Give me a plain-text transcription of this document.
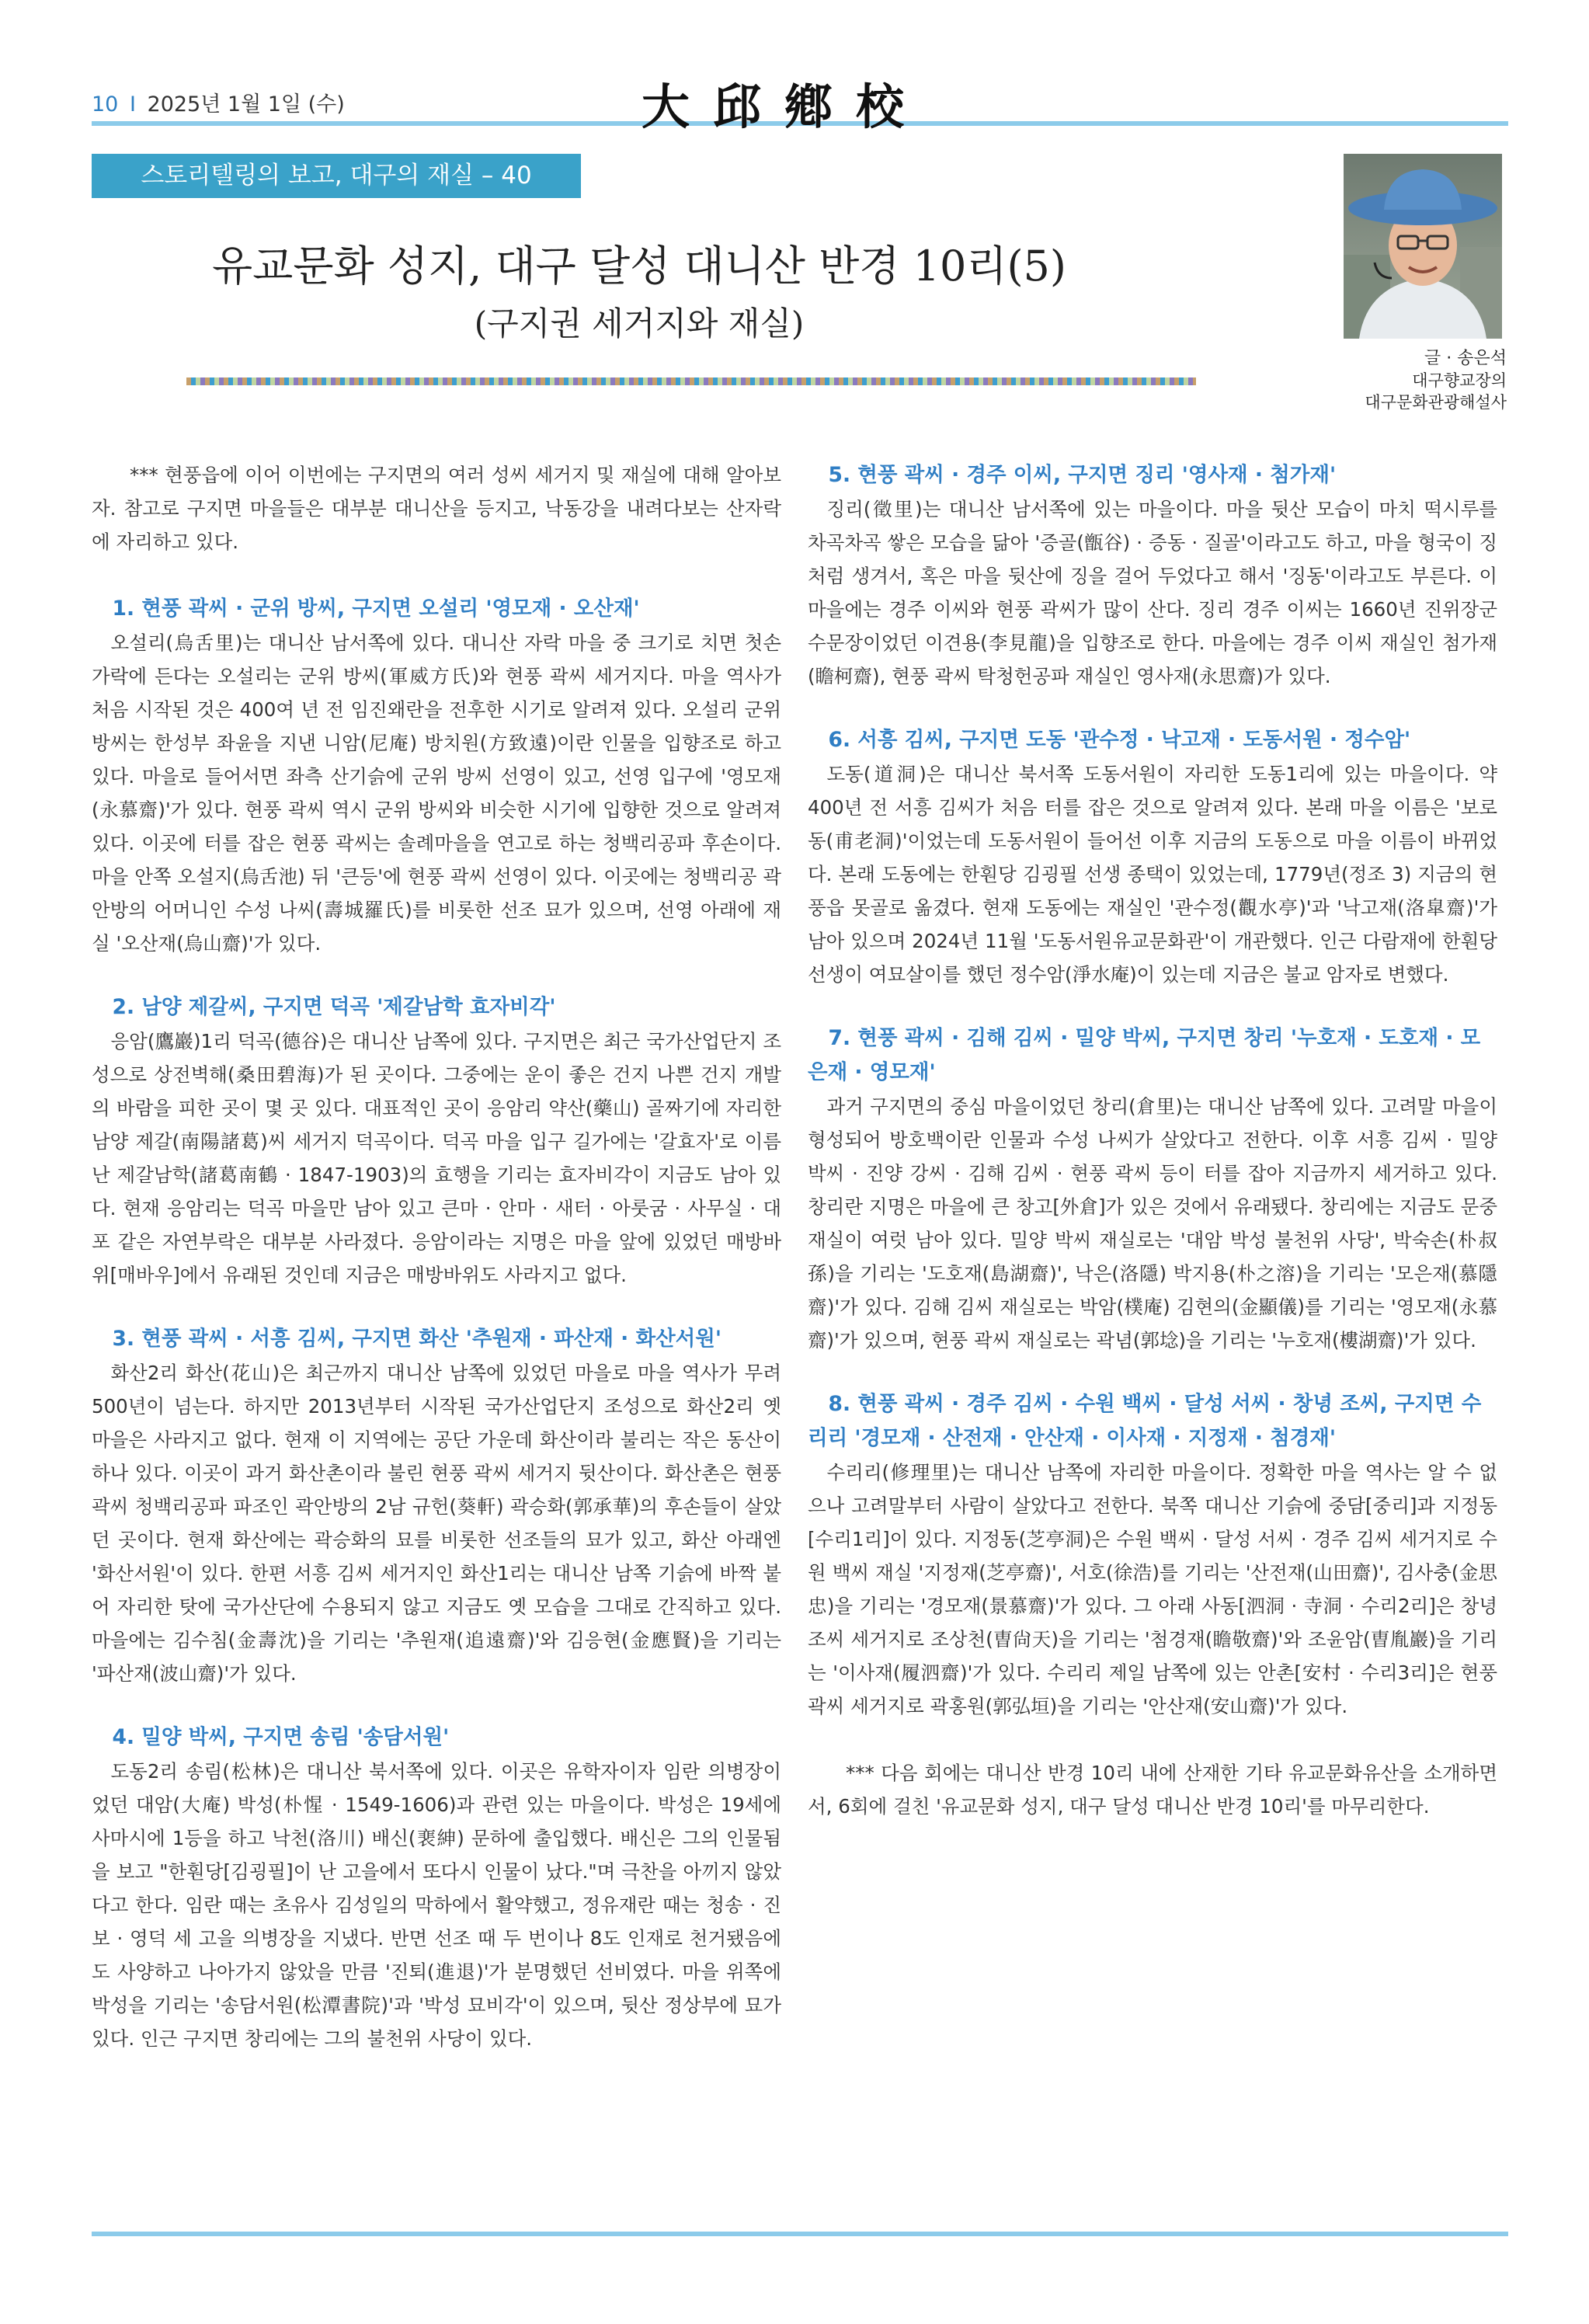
10 I 2025년 1월 1일 (수)	大邱鄕校
스토리텔링의 보고, 대구의 재실 – 40
유교문화 성지, 대구 달성 대니산 반경 10리(5)
(구지권 세거지와 재실)
글 · 송은석
대구향교장의
대구문화관광해설사

*** 현풍읍에 이어 이번에는 구지면의 여러 성씨 세거지 및 재실에 대해 알아보자. 참고로 구지면 마을들은 대부분 대니산을 등지고, 낙동강을 내려다보는 산자락에 자리하고 있다.

1. 현풍 곽씨 · 군위 방씨, 구지면 오설리 '영모재 · 오산재'

오설리(烏舌里)는 대니산 남서쪽에 있다. 대니산 자락 마을 중 크기로 치면 첫손가락에 든다는 오설리는 군위 방씨(軍威方氏)와 현풍 곽씨 세거지다. 마을 역사가 처음 시작된 것은 400여 년 전 임진왜란을 전후한 시기로 알려져 있다. 오설리 군위 방씨는 한성부 좌윤을 지낸 니암(尼庵) 방치원(方致遠)이란 인물을 입향조로 하고 있다. 마을로 들어서면 좌측 산기슭에 군위 방씨 선영이 있고, 선영 입구에 '영모재(永慕齋)'가 있다. 현풍 곽씨 역시 군위 방씨와 비슷한 시기에 입향한 것으로 알려져 있다. 이곳에 터를 잡은 현풍 곽씨는 솔례마을을 연고로 하는 청백리공파 후손이다. 마을 안쪽 오설지(烏舌池) 뒤 '큰등'에 현풍 곽씨 선영이 있다. 이곳에는 청백리공 곽안방의 어머니인 수성 나씨(壽城羅氏)를 비롯한 선조 묘가 있으며, 선영 아래에 재실 '오산재(烏山齋)'가 있다.

2. 남양 제갈씨, 구지면 덕곡 '제갈남학 효자비각'

응암(鷹巖)1리 덕곡(德谷)은 대니산 남쪽에 있다. 구지면은 최근 국가산업단지 조성으로 상전벽해(桑田碧海)가 된 곳이다. 그중에는 운이 좋은 건지 나쁜 건지 개발의 바람을 피한 곳이 몇 곳 있다. 대표적인 곳이 응암리 약산(藥山) 골짜기에 자리한 남양 제갈(南陽諸葛)씨 세거지 덕곡이다. 덕곡 마을 입구 길가에는 '갈효자'로 이름난 제갈남학(諸葛南鶴 · 1847-1903)의 효행을 기리는 효자비각이 지금도 남아 있다. 현재 응암리는 덕곡 마을만 남아 있고 큰마 · 안마 · 새터 · 아룻굼 · 사무실 · 대포 같은 자연부락은 대부분 사라졌다. 응암이라는 지명은 마을 앞에 있었던 매방바위[매바우]에서 유래된 것인데 지금은 매방바위도 사라지고 없다.

3. 현풍 곽씨 · 서흥 김씨, 구지면 화산 '추원재 · 파산재 · 화산서원'

화산2리 화산(花山)은 최근까지 대니산 남쪽에 있었던 마을로 마을 역사가 무려 500년이 넘는다. 하지만 2013년부터 시작된 국가산업단지 조성으로 화산2리 옛 마을은 사라지고 없다. 현재 이 지역에는 공단 가운데 화산이라 불리는 작은 동산이 하나 있다. 이곳이 과거 화산촌이라 불린 현풍 곽씨 세거지 뒷산이다. 화산촌은 현풍 곽씨 청백리공파 파조인 곽안방의 2남 규헌(葵軒) 곽승화(郭承華)의 후손들이 살았던 곳이다. 현재 화산에는 곽승화의 묘를 비롯한 선조들의 묘가 있고, 화산 아래엔 '화산서원'이 있다. 한편 서흥 김씨 세거지인 화산1리는 대니산 남쪽 기슭에 바짝 붙어 자리한 탓에 국가산단에 수용되지 않고 지금도 옛 모습을 그대로 간직하고 있다. 마을에는 김수침(金壽沈)을 기리는 '추원재(追遠齋)'와 김응현(金應賢)을 기리는 '파산재(波山齋)'가 있다.

4. 밀양 박씨, 구지면 송림 '송담서원'

도동2리 송림(松林)은 대니산 북서쪽에 있다. 이곳은 유학자이자 임란 의병장이었던 대암(大庵) 박성(朴惺 · 1549-1606)과 관련 있는 마을이다. 박성은 19세에 사마시에 1등을 하고 낙천(洛川) 배신(裵紳) 문하에 출입했다. 배신은 그의 인물됨을 보고 "한훤당[김굉필]이 난 고을에서 또다시 인물이 났다."며 극찬을 아끼지 않았다고 한다. 임란 때는 초유사 김성일의 막하에서 활약했고, 정유재란 때는 청송 · 진보 · 영덕 세 고을 의병장을 지냈다. 반면 선조 때 두 번이나 8도 인재로 천거됐음에도 사양하고 나아가지 않았을 만큼 '진퇴(進退)'가 분명했던 선비였다. 마을 위쪽에 박성을 기리는 '송담서원(松潭書院)'과 '박성 묘비각'이 있으며, 뒷산 정상부에 묘가 있다. 인근 구지면 창리에는 그의 불천위 사당이 있다.

5. 현풍 곽씨 · 경주 이씨, 구지면 징리 '영사재 · 첨가재'

징리(徵里)는 대니산 남서쪽에 있는 마을이다. 마을 뒷산 모습이 마치 떡시루를 차곡차곡 쌓은 모습을 닮아 '증골(甑谷) · 증동 · 질골'이라고도 하고, 마을 형국이 징처럼 생겨서, 혹은 마을 뒷산에 징을 걸어 두었다고 해서 '징동'이라고도 부른다. 이 마을에는 경주 이씨와 현풍 곽씨가 많이 산다. 징리 경주 이씨는 1660년 진위장군 수문장이었던 이견용(李見龍)을 입향조로 한다. 마을에는 경주 이씨 재실인 첨가재(瞻柯齋), 현풍 곽씨 탁청헌공파 재실인 영사재(永思齋)가 있다.

6. 서흥 김씨, 구지면 도동 '관수정 · 낙고재 · 도동서원 · 정수암'

도동(道洞)은 대니산 북서쪽 도동서원이 자리한 도동1리에 있는 마을이다. 약 400년 전 서흥 김씨가 처음 터를 잡은 것으로 알려져 있다. 본래 마을 이름은 '보로동(甫老洞)'이었는데 도동서원이 들어선 이후 지금의 도동으로 마을 이름이 바뀌었다. 본래 도동에는 한훤당 김굉필 선생 종택이 있었는데, 1779년(정조 3) 지금의 현풍읍 못골로 옮겼다. 현재 도동에는 재실인 '관수정(觀水亭)'과 '낙고재(洛皐齋)'가 남아 있으며 2024년 11월 '도동서원유교문화관'이 개관했다. 인근 다람재에 한훤당 선생이 여묘살이를 했던 정수암(淨水庵)이 있는데 지금은 불교 암자로 변했다.

7. 현풍 곽씨 · 김해 김씨 · 밀양 박씨, 구지면 창리 '누호재 · 도호재 · 모은재 · 영모재'

과거 구지면의 중심 마을이었던 창리(倉里)는 대니산 남쪽에 있다. 고려말 마을이 형성되어 방호백이란 인물과 수성 나씨가 살았다고 전한다. 이후 서흥 김씨 · 밀양 박씨 · 진양 강씨 · 김해 김씨 · 현풍 곽씨 등이 터를 잡아 지금까지 세거하고 있다. 창리란 지명은 마을에 큰 창고[外倉]가 있은 것에서 유래됐다. 창리에는 지금도 문중 재실이 여럿 남아 있다. 밀양 박씨 재실로는 '대암 박성 불천위 사당', 박숙손(朴叔孫)을 기리는 '도호재(島湖齋)', 낙은(洛隱) 박지용(朴之溶)을 기리는 '모은재(慕隱齋)'가 있다. 김해 김씨 재실로는 박암(樸庵) 김현의(金顯儀)를 기리는 '영모재(永慕齋)'가 있으며, 현풍 곽씨 재실로는 곽념(郭埝)을 기리는 '누호재(樓湖齋)'가 있다.

8. 현풍 곽씨 · 경주 김씨 · 수원 백씨 · 달성 서씨 · 창녕 조씨, 구지면 수리리 '경모재 · 산전재 · 안산재 · 이사재 · 지정재 · 첨경재'

수리리(修理里)는 대니산 남쪽에 자리한 마을이다. 정확한 마을 역사는 알 수 없으나 고려말부터 사람이 살았다고 전한다. 북쪽 대니산 기슭에 중담[중리]과 지정동[수리1리]이 있다. 지정동(芝亭洞)은 수원 백씨 · 달성 서씨 · 경주 김씨 세거지로 수원 백씨 재실 '지정재(芝亭齋)', 서호(徐浩)를 기리는 '산전재(山田齋)', 김사충(金思忠)을 기리는 '경모재(景慕齋)'가 있다. 그 아래 사동[泗洞 · 寺洞 · 수리2리]은 창녕 조씨 세거지로 조상천(曺尙天)을 기리는 '첨경재(瞻敬齋)'와 조윤암(曺胤巖)을 기리는 '이사재(履泗齋)'가 있다. 수리리 제일 남쪽에 있는 안촌[安村 · 수리3리]은 현풍 곽씨 세거지로 곽홍원(郭弘垣)을 기리는 '안산재(安山齋)'가 있다.

*** 다음 회에는 대니산 반경 10리 내에 산재한 기타 유교문화유산을 소개하면서, 6회에 걸친 '유교문화 성지, 대구 달성 대니산 반경 10리'를 마무리한다.
